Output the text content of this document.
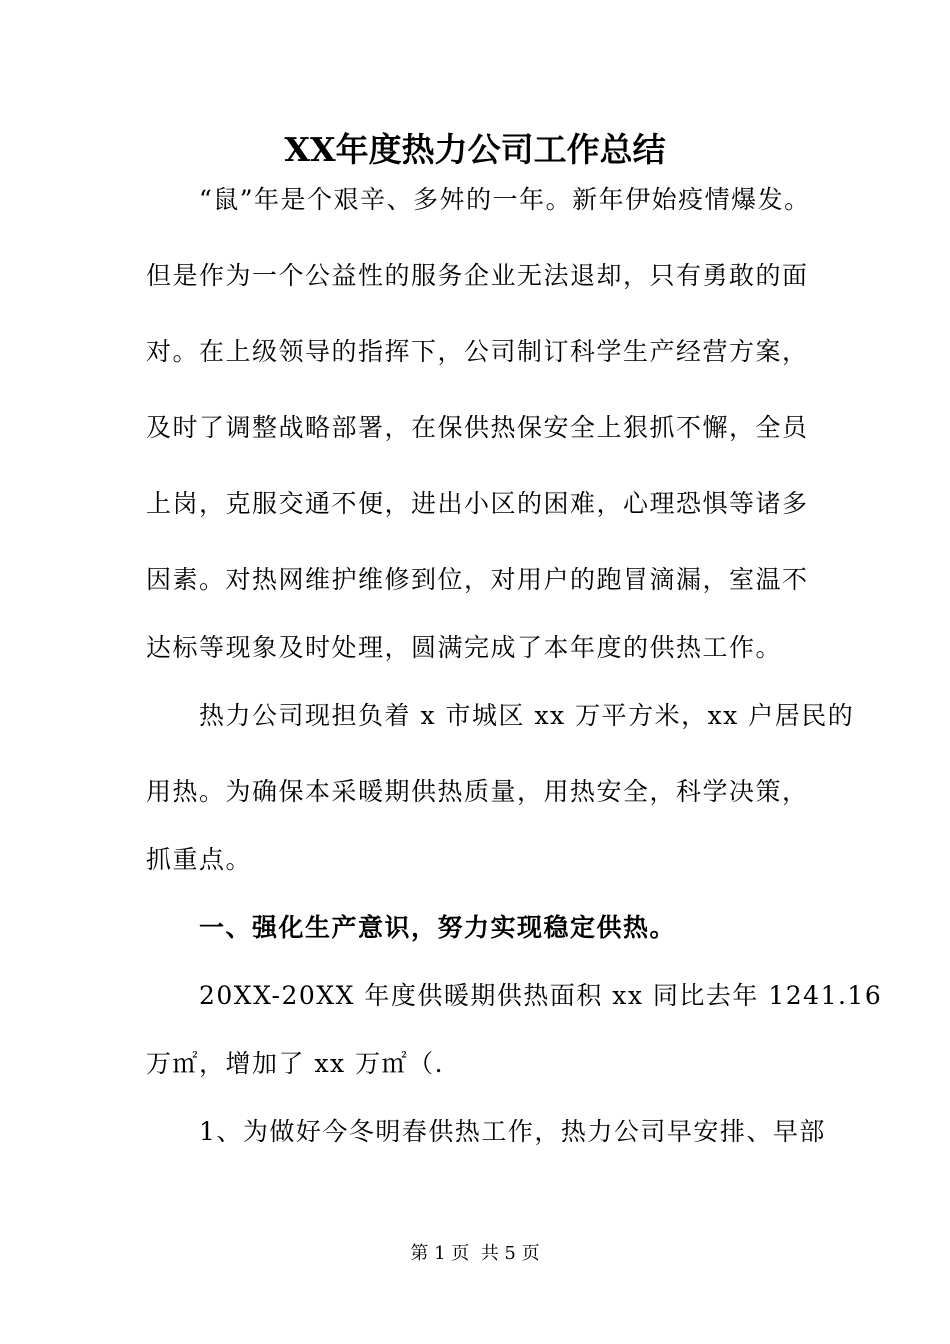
XX年度热力公司工作总结

　　“鼠”年是个艰辛、多舛的一年。新年伊始疫情爆发。

但是作为一个公益性的服务企业无法退却，只有勇敢的面

对。在上级领导的指挥下，公司制订科学生产经营方案，

及时了调整战略部署，在保供热保安全上狠抓不懈，全员

上岗，克服交通不便，进出小区的困难，心理恐惧等诸多

因素。对热网维护维修到位，对用户的跑冒滴漏，室温不

达标等现象及时处理，圆满完成了本年度的供热工作。

　　热力公司现担负着 x 市城区 xx 万平方米，xx 户居民的

用热。为确保本采暖期供热质量，用热安全，科学决策，

抓重点。

　　一、强化生产意识，努力实现稳定供热。

　　20XX-20XX 年度供暖期供热面积 xx 同比去年 1241.16

万㎡，增加了 xx 万㎡（.

　　1、为做好今冬明春供热工作，热力公司早安排、早部

第 1 页  共 5 页
